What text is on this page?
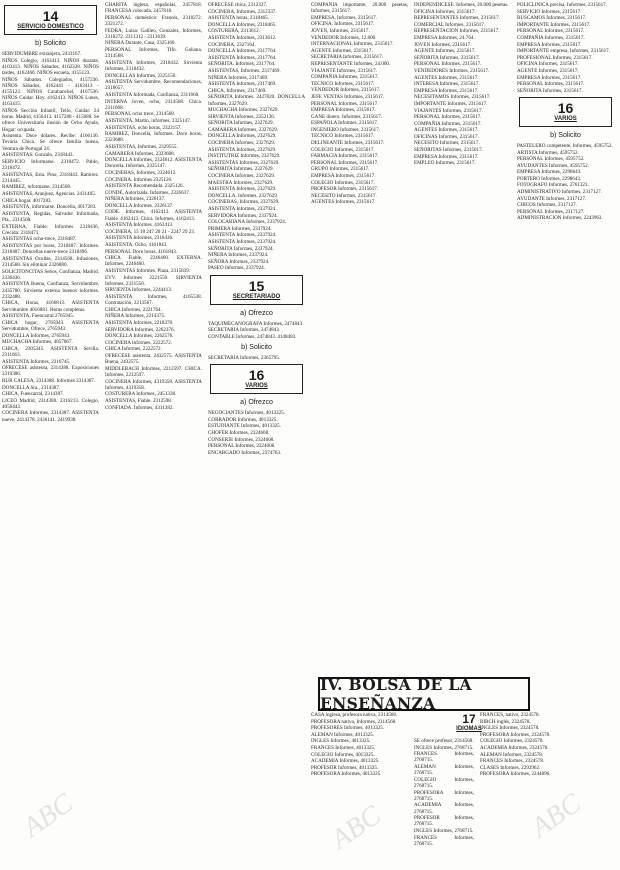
14
SERVICIO DOMESTICO
b) Solicito

SERVIDUMBRE extranjera, 2433167.

NIÑOS Colegio, 4163413. NIÑOS durante, 4103413. NIÑOS Sabados, 4162328. NIÑOS tardes, 4162460. NIÑOS escuela, 4155123.

NIÑOS Sábados. Colegiados, 4157236. NIÑOS Sábados, 4162441 - 4163413 - 4155123. NIÑOS Carabanchel, 4167536. NIÑOS Cuidar. Hoy. 4162413. NIÑOS Lunes, 4163415.

NIÑOS Sección Infantil, Tello, Cuidar: 24 horas. Madrid, 4156413. 4157288 - 415688. Se ofrece Universitaria ilusión de Ocho Ayuda, Hogar: ocupada.

Asistenta. Doce dólares. Recibe: 4166136. Tovaria Chica. Se ofrece familia buena, Ventura de Portugal 24.

ASISTENTAS: Gonzalo, 2318443.

SERVICIO Informarse. 2318472. Pablo, 2318472.

ASISTENTAS, Esta. Pino, 2318443. Ramirez. 2314445.

RAMIREZ, informarse, 2314568.

ASISTENTAS, Aranjuez, Agencias. 2431465.

CHICA hogar. 4017283.

ASISTENTA, informarse. Doncella, 4017283.

ASISTENTA, Regidas, Salvador Informada, Pta., 2314568.

EXTERNA, Fiable: Informes 2318436, Crecida: 2318471.

ASISTENTAS ocho-trece, 2318487.

ASISTENTAS por horas, 2318487. Informes. 2318487. Doncellas nueve-trece 2318496.

ASISTENTAS Ocultas, 2314568. Infusiones, 2314568. Sin eliminar 2326880.

SOLICITONCITAS Sebos, Confianza, Madrid, 2336436.

ASISTENTA Buena, Confianza, Servidumbre, 2435780. Sirvienta externa buenos informes. 2332488.

CHICA, Horas, 4166813. ASISTENTA Servidumbre 4016881. Horas completas.

ASISTENTA, Fuencarral 2765945.

CHICA hogar, 2765943. ASISTENTA Servidumbre, Ofrece, 2765943.

DONCELLA Informes, 2765943.

MUCHACHA Informes, 4057867.

CHICA, 2305345. ASISTENTA Sevilla. 2311663.

ASISTENTA Informes, 2316745.

OFRECESE asistenta, 2314388. Exposiciones 2319386.

RUR CALESA, 2314388. Informes 2314387.

DONCELLA Sra., 2314387.

CHICA, Fuencarral, 2314387.

LICEO Madrid, 2314388. 2316213. Colegio, 4056443.

COCINERA Informes, 2314387. ASISTENTA nueve, 2414378. 2436141. 2419938.

CHARITA inglesa, españolas, 2457818. FRANCESA colocada, 2457818.

PERSONAL doméstico: Francés, 2318272. 2321272.

FEDRA, Luisa: Galileo, Gonzalez, Informes, 2318272. 2311312 - 2313639.

NIÑERA Durante, Casa, 2325160.

PERSONAL Informes, Tlfo. Galiana. 2314568.

ASISTENTA Informes, 2318432. Sirvienta Informes, 2318432.

DONCELLAS Informes, 2325150.

ASISTENTA Servidumbre, Recomendaciones, 2318657.

ASISTENTA Informada, Confianza, 2311668.

INTERNA Joven, ocho, 2314568. Chica. 2311668.

PERSONAL ocho trece, 2314568.

ASISTENTA. Martin, informes, 2325147.

ASISTENTAS, ocho horas, 2322157.

RAMIREZ, Doncella, Informes. Doce horas, 2323688.

ASISTENTAS, Informes, 2329555.

CAMARERA Informes, 2323688.

DONCELLA Informes, 2324612. ASISTENTA Doncella. Informes, 2325147.

COCINERAS, Informes, 2324612.

COCINERA. Informes 2325126.

ASISTENTA Recomendada. 2325126.

CONDE, Autorizada. Informes, 2326637.

NIÑERA Informes, 2326137.

DONCELLA Informes. 2326137.

CODE. Informes, 4162413. ASISTENTA Fiable. 4162413. Chica. Informes, 4162413.

ASISTENTA Informes. 4162413.

COCINERA, 15 18 247 20 21 - 2247 29 23.

ASISTENTA Informes, 2318436.

ASISTENTA. Ocho, 4161843.

PERSONAL Doce horas. 4161843.

CHICA Fiable, 2246460. EXTERNA. Informes, 2246460.

ASISTENTAS Informes. Plaza, 2315839.

EVV. Informes 2221550. SIRVIENTA Informes, 2331550.

SIRVIENTA Informes, 2244413.

ASISTENTA Informes, 4165538. Contratación, 2213567.

CHICA Informes, 2221764.

NIÑERA Informes, 2214375.

ASISTENTA Informes, 2218378.

SERVIDORA Informes, 2262376.

DONCELLA Informes, 2262576.

COCINERA Informes. 2222572.

CHICA Informes, 2222572.

OFRECESE asistenta, 2432575. ASISTENTA Buena, 2432575.

MIDDLEBACH Informes, 2212597. CHICA. Informes, 2212597.

COCINERA Informes, 4319358. ASISTENTA Informes, 4319358.

COSTURERA Informes, 2451338.

ASISTENTAS, Fiable. 2312598.

CONFIADA. Informes, 4311382.

OFRECESE chica, 2312337.

COCINERA, Informes, 2312337.

ASISTENTA horas, 2318465.

DONCELLA Informes, 2318465.

COSTURERA, 2313612.

ASISTENTA Informes, 2313612.

COCINERA, 2327164.

DONCELLA Informes, 2317764.

ASISTENTA Informes, 2317764.

SEÑORITA. Informes, 2317764.

ASISTENTAS, Informes. 2317469.

NIÑERA Informes, 2317469.

ASISTENTA Informes, 2317469.

CHICA, Informes, 2317469.

SEÑORITA Informes. 2427820. DONCELLA Informes, 2327629.

MUCHACHA Informes. 2327629.

SIRVIENTA Informes, 2352136.

SEÑORITA Informes, 2327629.

CAMARERA Informes, 2327629.

DONCELLA Informes, 2327629.

COCINERA Informes, 2327629.

ASISTENTA Informes, 2327629.

INSTITUTRIZ Informes, 2327629.

ASISTENTAS Informes, 2327629.

SEÑORITA Informes, 2327629.

COCINERA Informes, 2327629.

MAESTRA Informes, 2327629.

ASISTENTA Informes, 2327629.

DONCELLA, Informes. 2327629.

COCINERAS, Informes, 2327629.

ASISTENTA Informes, 2337924.

SERVIDORA Informes, 2337924.

COLOCARIANA Informes, 2337924.

PRIMERA Informes, 2337924.

ASISTENTA Informes, 2337924.

ASISTENTA Informes, 2337924.

SEÑORITA Informes, 2337924.

NIÑERA Informes, 2337924.

SEÑORA Informes, 2337924.

PASEO Informes, 2337924.

15
SECRETARIADO
a) Ofrezco

TAQUIMECANOGRAFA Informes, 2474843.

SECRETARIA Informes, 2474843.

CONTABLE Informes, 2474843. 4148483.

b) Solicito

SECRETARIA Informes, 2365795.

16
VARIOS
a) Ofrezco

NEGOCIANTES Informes, 4013325.

COBRADOR Informes, 4013325.

ESTUDIANTE Informes, 4013325.

CHOFER Informes, 2324608.

CONSERJE Informes, 2324608.

PERSONAL Informes, 2324608.

ENCARGADO Informes, 2374763.

COMPAÑIA importante, 20.000 pesetas, Informes, 2315617.

EMPRESA, Informes, 2315617.

OFICINA. Informes, 2315617.

JOVEN, Informes, 2315617.

VENDEDOR Informes, 12.000.

INTERNACIONAL Informes, 2315617.

AGENTE Informes, 2315617.

SECRETARIA Informes, 2315617.

REPRESENTANTE Informes, 24.000.

VIAJANTE Informes, 2315617.

COMPAÑIA Informes, 2315617.

TECNICO Informes, 2315617.

VENDEDOR Informes, 2315617.

JEFE VENTAS Informes, 2315617.

PERSONAL Informes, 2315617.

EMPRESA Informes, 2315617.

GANE dinero. Informes, 2315617.

ESPAÑOLA Informes, 2315617.

INGENIERO Informes, 2315617.

TECNICO Informes, 2315617.

DELINEANTE Informes, 2315617.

COLEGIO Informes, 2315617.

FARMACIA Informes, 2315617.

PERSONAL Informes, 2315617.

GRUPO Informes, 2315617.

EMPRESA Informes, 2315617.

COLEGIO Informes, 2315617.

PROFESOR Informes, 2315617.

NECESITO Informes, 2315617.

AGENTES Informes, 2315617.

INDEPENDICESE. Informes, 20.000 pesetas.

OFICINA Informes, 2315617.

REPRESENTANTES Informes, 2315617.

COMERCIAL Informes, 2315617.

REPRESENTACION Informes, 2315617.

EMPRESA Informes, 24.764.

JOVEN Informes, 2315617.

AGENTE Informes, 2315617.

SEÑORITA Informes, 2315617.

PERSONAL Informes, 2315617.

VENDEDORES Informes, 2315617.

AGENTES Informes, 2315617.

INTERESA Informes, 2315617.

EMPRESA Informes, 2315617.

NECESITAMOS Informes, 2315617.

IMPORTANTE Informes, 2315617.

VIAJANTES Informes, 2315617.

PERSONAL Informes, 2315617.

COMPAÑIA Informes, 2315617.

AGENTES Informes, 2315617.

OFICINAS Informes, 2315617.

NECESITO Informes, 2315617.

SEÑORITAS Informes, 2315617.

EMPRESA Informes, 2315617.

EMPLEO Informes, 2315617.

POLICLINICA precisa, Informes, 2315617.

SERVICIO Informes, 2315617.

BUSCAMOS Informes, 2315617.

IMPORTANTE Informes, 2315617.

PERSONAL Informes, 2315617.

COMPAÑIA Informes, 2315617.

EMPRESA Informes, 2315617.

IMPORTANTE empresa, Informes, 2315617.

PROFESIONAL Informes, 2315617.

OFICINA Informes, 2315617.

AGENTE Informes, 2315617.

EMPRESA Informes, 2315617.

PERSONAL Informes, 2315617.

SEÑORITA Informes, 2315617.

16
VARIOS
b) Solicito

PASTELERO competente, Informes, 4595752.

ARTISTA Informes, 4595752.

PERSONAL Informes, 4595752.

AYUDANTES Informes, 4595752.

EMPRESA Informes, 2298643.

PORTERO Informes, 2298643.

FOTOGRAFO Informes, 2761323.

ADMINISTRATIVO Informes, 2317127.

AYUDANTE Informes, 2317127.

CHICOS Informes, 2317127.

PERSONAL Informes, 2317127.

ADMINISTRACION Informes, 2243963.

IV. BOLSA DE LA ENSEÑANZA
17
IDIOMAS

CASA inglesa, profesora nativa, 2314568.

PROFESORA nativa, Informes, 2314568.

PROFESORES Informes, 4013325.

ALEMAN Informes, 4013325.

INGLES Informes, 4013325.

FRANCES Informes, 4013325.

COLEGIO Informes, 4013325.

ACADEMIA Informes, 4013325.

PROFESOR Informes, 4013325.

PROFESORA Informes, 4013325.

SE ofrece profesor, 2314568.

INGLES Informes, 2768715.

FRANCES Informes, 2768715.

ALEMAN Informes, 2768715.

COLEGIO Informes, 2768715.

PROFESORA Informes, 2768715.

ACADEMIA Informes, 2768715.

PROFESOR Informes, 2768715.

INGLES Informes, 2768715.

FRANCES Informes, 2768715.

FRANCES, nativo, 2324578.

BIRCH inglés, 2324578.

INGLES Informes, 2324578.

PROFESORA Informes, 2324578.

COLEGIO Informes, 2324578.

ACADEMIA Informes, 2324578.

ALEMAN Informes, 2324578.

FRANCES Informes, 2324578.

CLASES Informes, 2292962.

PROFESORA Informes, 2244896.

ABC	ABC	ABC
